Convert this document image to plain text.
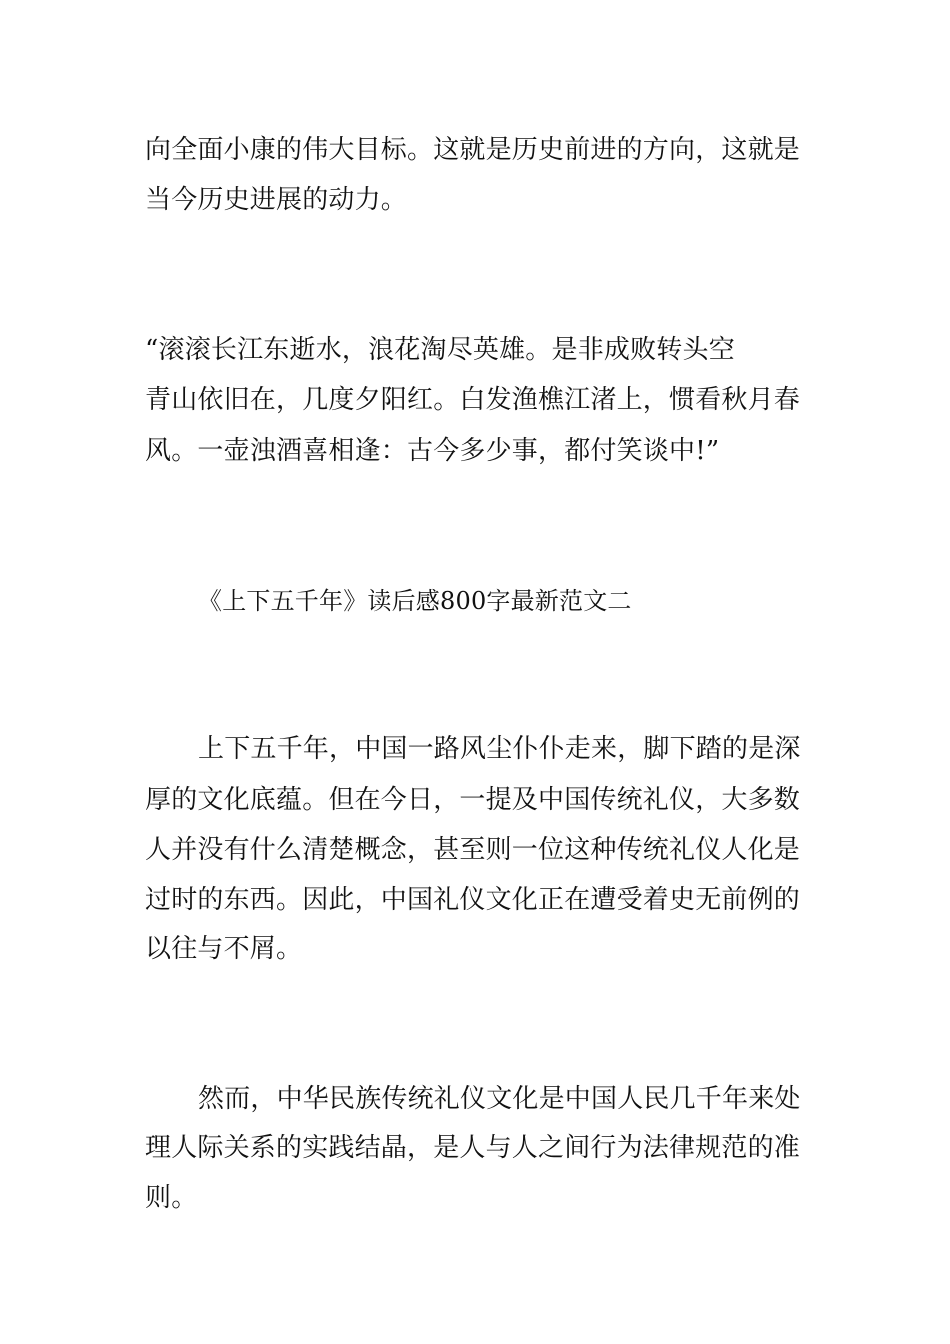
向全面小康的伟大目标。这就是历史前进的方向，这就是
当今历史进展的动力。
“滚滚长江东逝水，浪花淘尽英雄。是非成败转头空
青山依旧在，几度夕阳红。白发渔樵江渚上，惯看秋月春
风。一壶浊酒喜相逢：古今多少事，都付笑谈中!”
《上下五千年》读后感800字最新范文二
上下五千年，中国一路风尘仆仆走来，脚下踏的是深
厚的文化底蕴。但在今日，一提及中国传统礼仪，大多数
人并没有什么清楚概念，甚至则一位这种传统礼仪人化是
过时的东西。因此，中国礼仪文化正在遭受着史无前例的
以往与不屑。
然而，中华民族传统礼仪文化是中国人民几千年来处
理人际关系的实践结晶，是人与人之间行为法律规范的准
则。
